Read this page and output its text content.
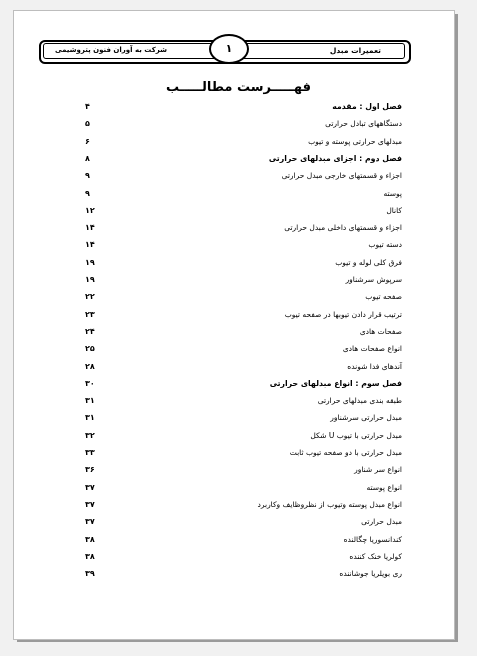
شرکت به آوران فنون پتروشیمی	تعمیرات مبدل
۱
فهـــــرست مطالـــــب
فصل اول : مقدمه
۴
دستگاههای تبادل حرارتی
۵
مبدلهای حرارتی پوسته و تیوب
۶
فصل دوم : اجزای مبدلهای حرارتی
۸
اجزاء و قسمتهای خارجی مبدل حرارتی
۹
پوسته
۹
کانال
۱۲
اجزاء و قسمتهای داخلی مبدل حرارتی
۱۴
دسته تیوب
۱۴
فرق کلی لوله و تیوب
۱۹
سرپوش سرشناور
۱۹
صفحه تیوب
۲۲
ترتیب قرار دادن تیوبها در صفحه تیوب
۲۳
صفحات هادی
۲۴
انواع صفحات هادی
۲۵
آندهای فدا شونده
۲۸
فصل سوم : انواع مبدلهای حرارتی
۳۰
طبقه بندی مبدلهای حرارتی
۳۱
مبدل حرارتی سرشناور
۳۱
مبدل حرارتی با تیوب U شکل
۳۲
مبدل حرارتی با دو صفحه تیوب ثابت
۳۳
انواع سر شناور
۳۶
انواع پوسته
۳۷
انواع مبدل پوسته وتیوب از نظروظایف وکاربرد
۳۷
مبدل حرارتی
۳۷
کندانسوریا چگالنده
۳۸
کولریا خنک کننده
۳۸
ری بویلریا جوشاننده
۳۹
